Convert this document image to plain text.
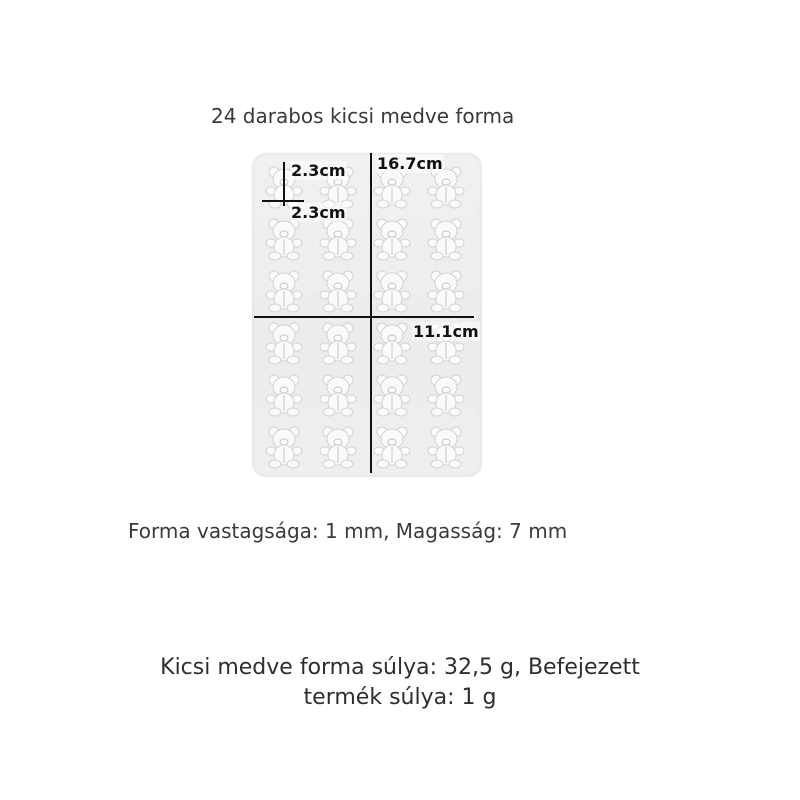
24 darabos kicsi medve forma
2.3cm
2.3cm
16.7cm
11.1cm
Forma vastagsága: 1 mm, Magasság: 7 mm
Kicsi medve forma súlya: 32,5 g, Befejezett
termék súlya: 1 g
